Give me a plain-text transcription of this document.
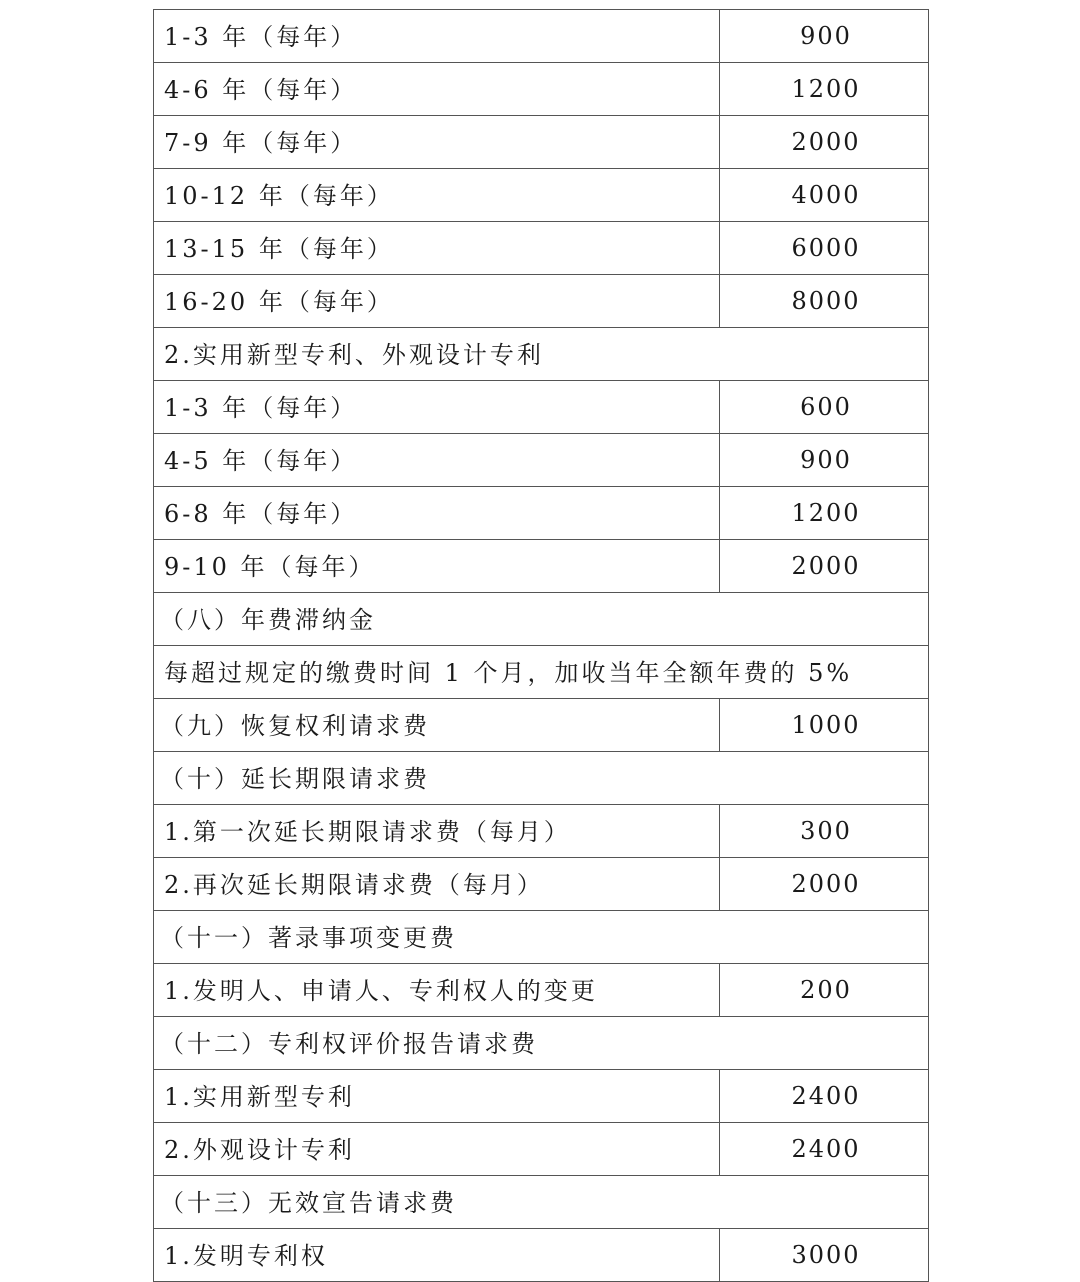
1-3 年（每年）	900
4-6 年（每年）	1200
7-9 年（每年）	2000
10-12 年（每年）	4000
13-15 年（每年）	6000
16-20 年（每年）	8000
2.实用新型专利、外观设计专利	
1-3 年（每年）	600
4-5 年（每年）	900
6-8 年（每年）	1200
9-10 年（每年）	2000
（八）年费滞纳金	
每超过规定的缴费时间 1 个月，加收当年全额年费的 5%	
（九）恢复权利请求费	1000
（十）延长期限请求费	
1.第一次延长期限请求费（每月）	300
2.再次延长期限请求费（每月）	2000
（十一）著录事项变更费	
1.发明人、申请人、专利权人的变更	200
（十二）专利权评价报告请求费	
1.实用新型专利	2400
2.外观设计专利	2400
（十三）无效宣告请求费	
1.发明专利权	3000
